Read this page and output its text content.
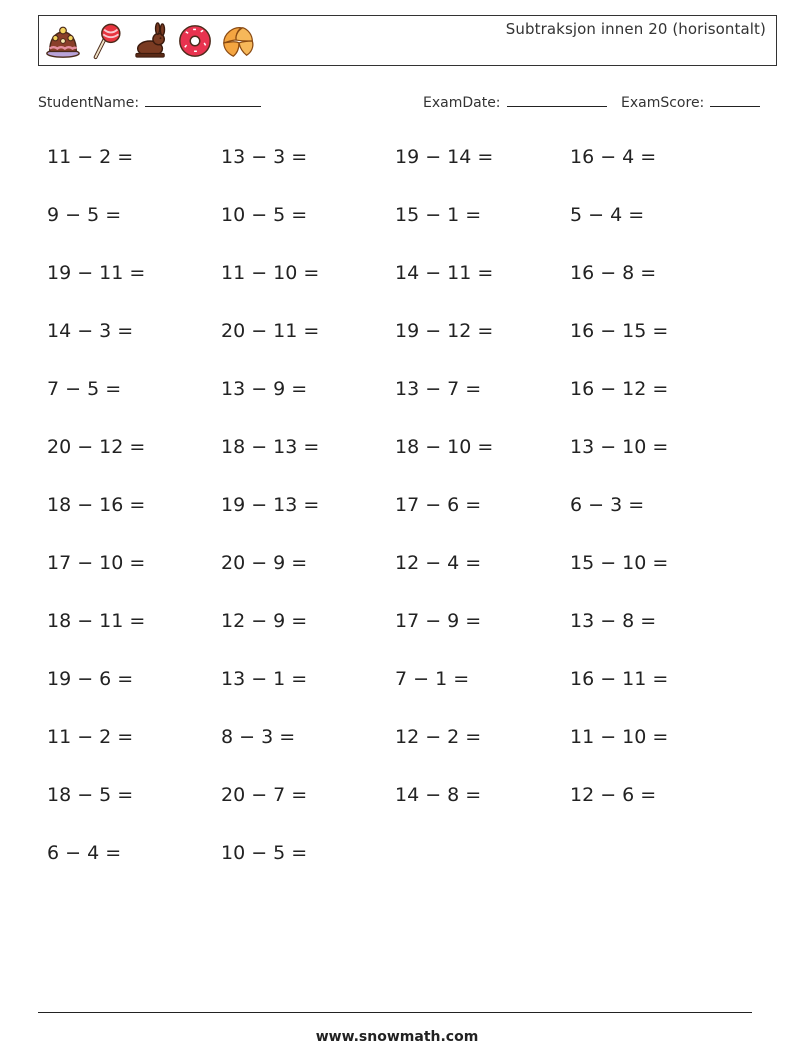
Subtraksjon innen 20 (horisontalt)
StudentName:	ExamDate:	ExamScore:
11 − 2 =	13 − 3 =	19 − 14 =	16 − 4 =
9 − 5 =	10 − 5 =	15 − 1 =	5 − 4 =
19 − 11 =	11 − 10 =	14 − 11 =	16 − 8 =
14 − 3 =	20 − 11 =	19 − 12 =	16 − 15 =
7 − 5 =	13 − 9 =	13 − 7 =	16 − 12 =
20 − 12 =	18 − 13 =	18 − 10 =	13 − 10 =
18 − 16 =	19 − 13 =	17 − 6 =	6 − 3 =
17 − 10 =	20 − 9 =	12 − 4 =	15 − 10 =
18 − 11 =	12 − 9 =	17 − 9 =	13 − 8 =
19 − 6 =	13 − 1 =	7 − 1 =	16 − 11 =
11 − 2 =	8 − 3 =	12 − 2 =	11 − 10 =
18 − 5 =	20 − 7 =	14 − 8 =	12 − 6 =
6 − 4 =	10 − 5 =
www.snowmath.com
